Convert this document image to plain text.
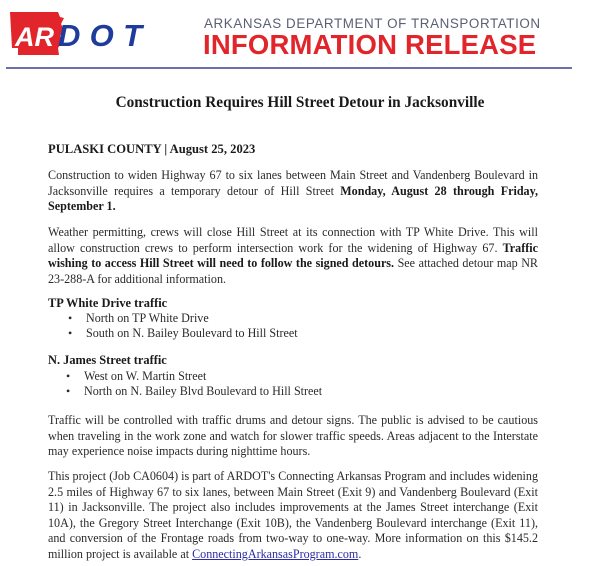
AR DOT	ARKANSAS DEPARTMENT OF TRANSPORTATION
INFORMATION RELEASE
Construction Requires Hill Street Detour in Jacksonville
PULASKI COUNTY | August 25, 2023

Construction to widen Highway 67 to six lanes between Main Street and Vandenberg Boulevard in Jacksonville requires a temporary detour of Hill Street Monday, August 28 through Friday, September 1.

Weather permitting, crews will close Hill Street at its connection with TP White Drive. This will allow construction crews to perform intersection work for the widening of Highway 67. Traffic wishing to access Hill Street will need to follow the signed detours. See attached detour map NR 23-288-A for additional information.

TP White Drive traffic
• North on TP White Drive
• South on N. Bailey Boulevard to Hill Street
N. James Street traffic
• West on W. Martin Street
• North on N. Bailey Blvd Boulevard to Hill Street

Traffic will be controlled with traffic drums and detour signs. The public is advised to be cautious when traveling in the work zone and watch for slower traffic speeds. Areas adjacent to the Interstate may experience noise impacts during nighttime hours.

This project (Job CA0604) is part of ARDOT's Connecting Arkansas Program and includes widening 2.5 miles of Highway 67 to six lanes, between Main Street (Exit 9) and Vandenberg Boulevard (Exit 11) in Jacksonville. The project also includes improvements at the James Street interchange (Exit 10A), the Gregory Street Interchange (Exit 10B), the Vandenberg Boulevard interchange (Exit 11), and conversion of the Frontage roads from two-way to one-way. More information on this $145.2 million project is available at ConnectingArkansasProgram.com.
